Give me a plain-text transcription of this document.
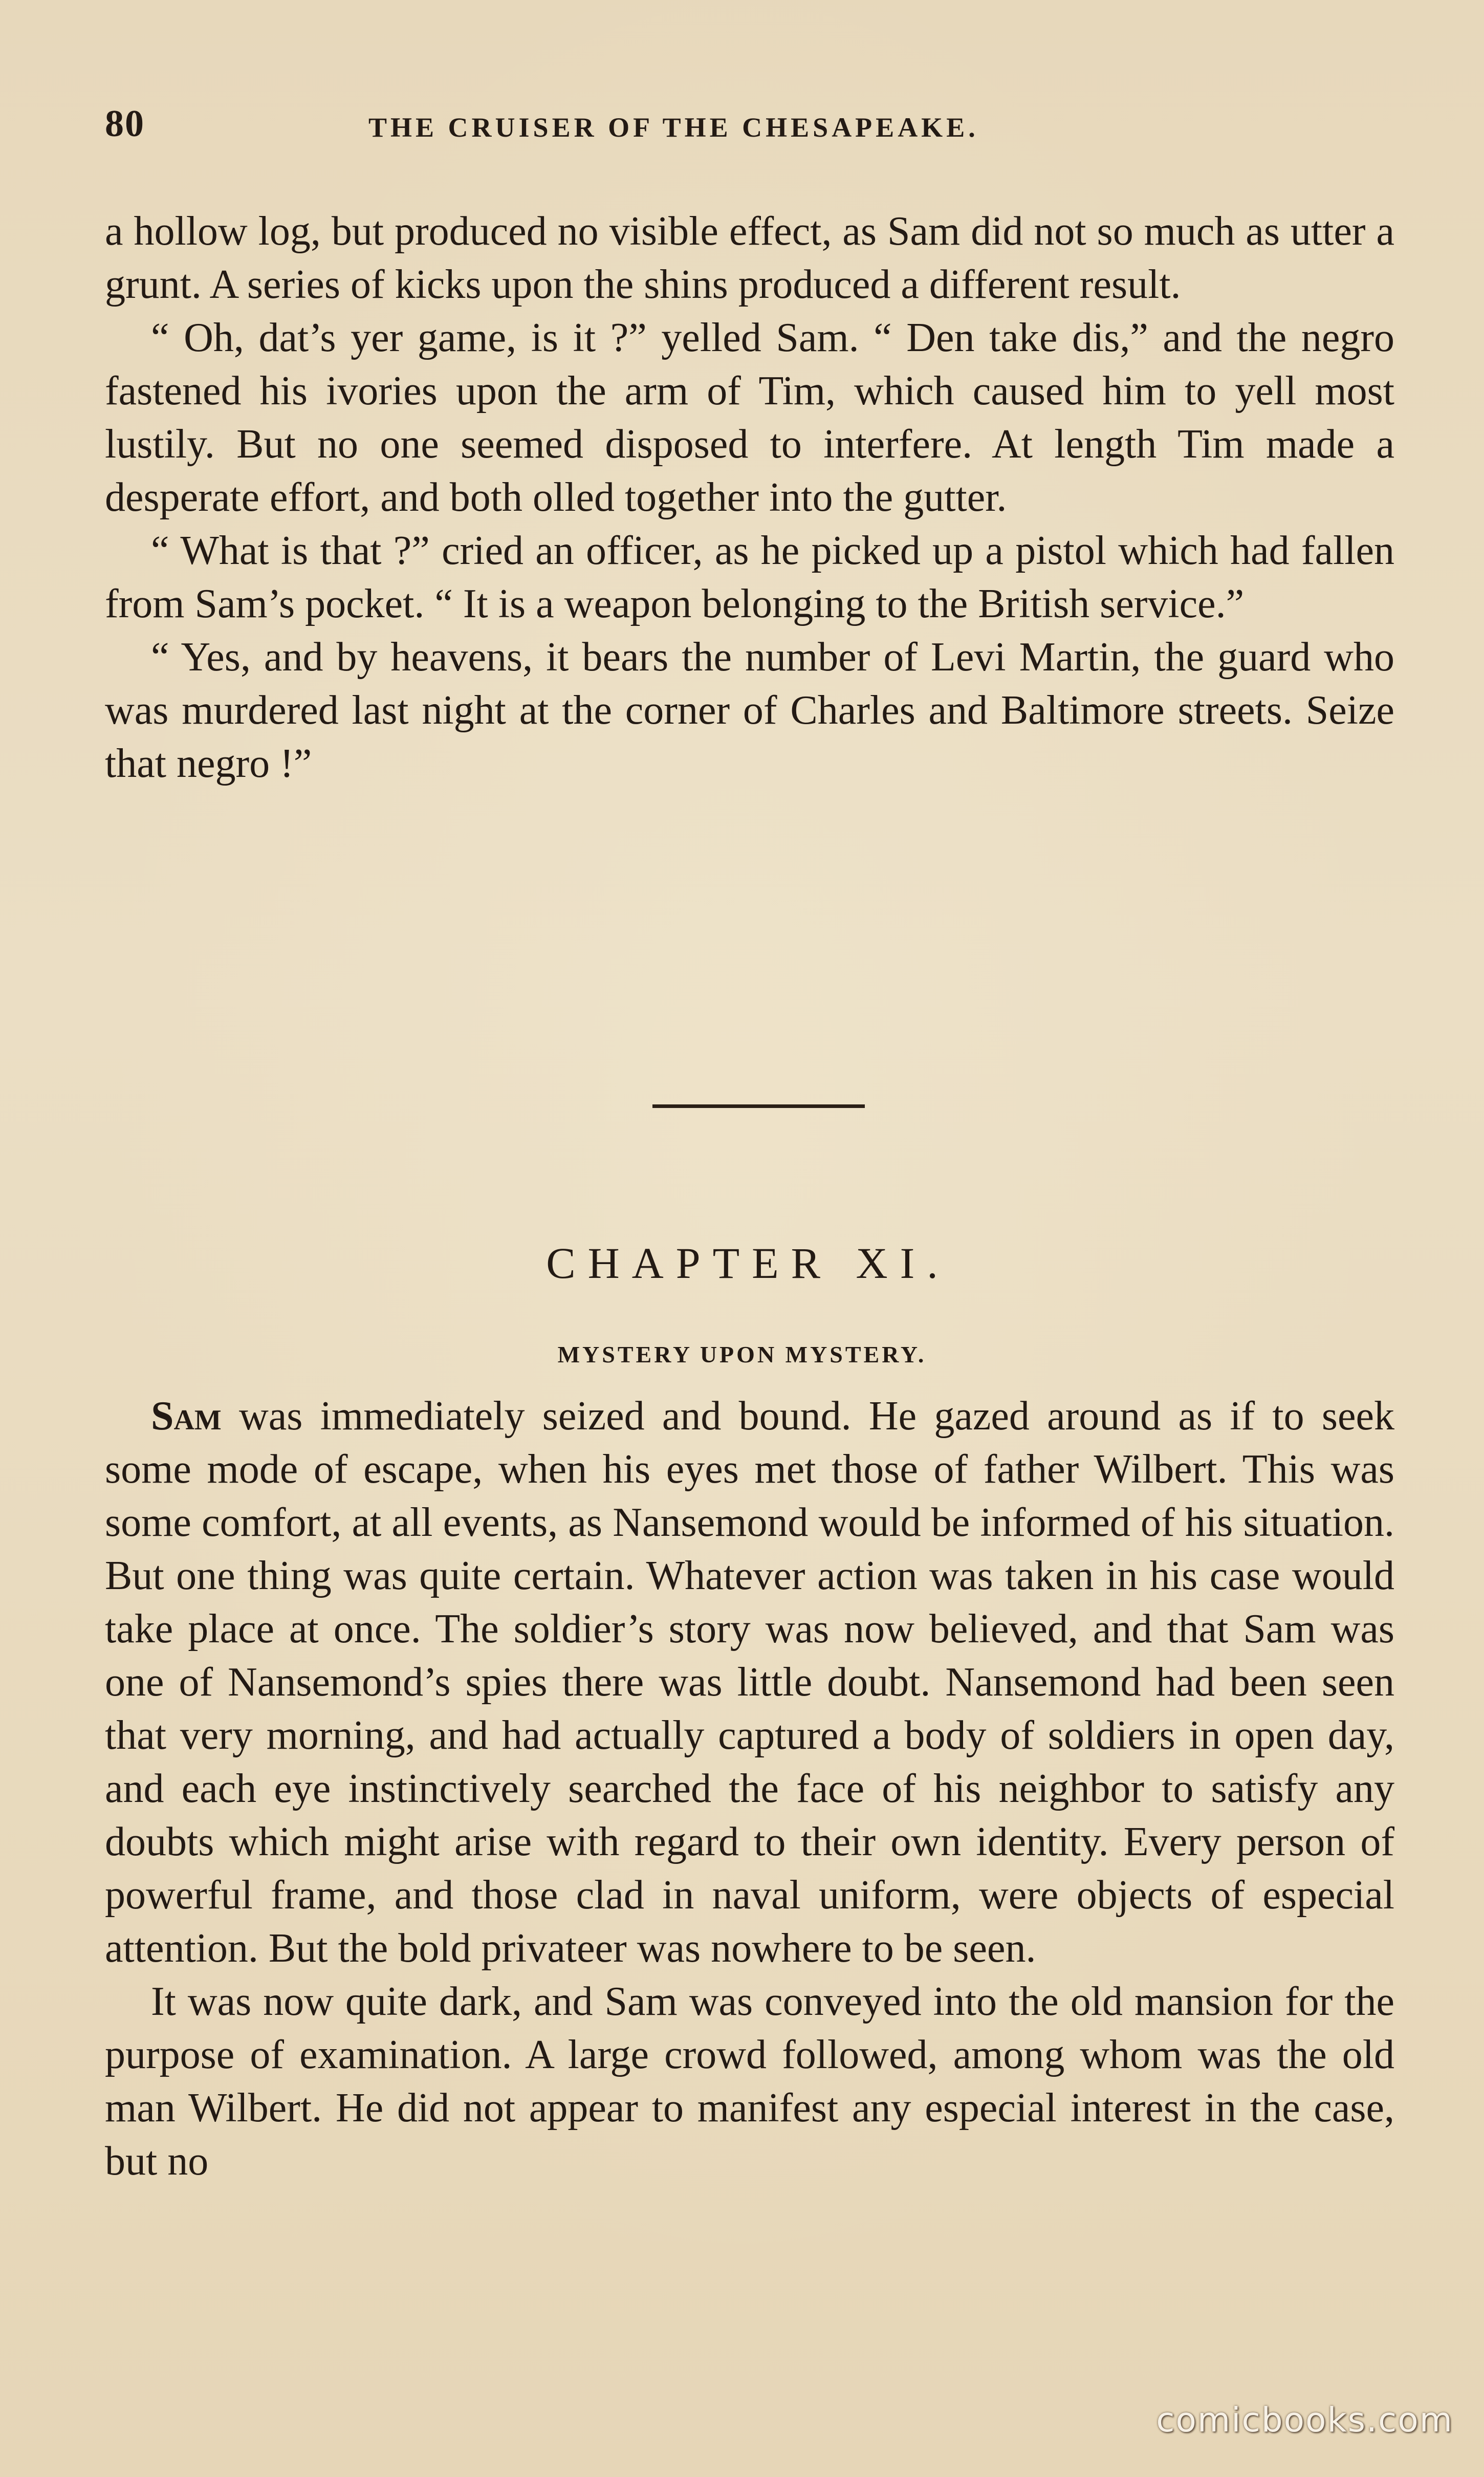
80	THE CRUISER OF THE CHESAPEAKE.

a hollow log, but produced no visible effect, as Sam did not so much as utter a grunt. A series of kicks upon the shins produced a different result.

“ Oh, dat’s yer game, is it ?” yelled Sam. “ Den take dis,” and the negro fastened his ivories upon the arm of Tim, which caused him to yell most lustily. But no one seemed disposed to interfere. At length Tim made a desperate effort, and both olled together into the gutter.

“ What is that ?” cried an officer, as he picked up a pistol which had fallen from Sam’s pocket. “ It is a weapon belonging to the British service.”

“ Yes, and by heavens, it bears the number of Levi Martin, the guard who was murdered last night at the corner of Charles and Baltimore streets. Seize that negro !”

CHAPTER XI.
MYSTERY UPON MYSTERY.

Sam was immediately seized and bound. He gazed around as if to seek some mode of escape, when his eyes met those of father Wilbert. This was some comfort, at all events, as Nansemond would be informed of his situation. But one thing was quite certain. Whatever action was taken in his case would take place at once. The soldier’s story was now believed, and that Sam was one of Nansemond’s spies there was little doubt. Nansemond had been seen that very morning, and had actually captured a body of soldiers in open day, and each eye instinctively searched the face of his neighbor to satisfy any doubts which might arise with regard to their own identity. Every person of powerful frame, and those clad in naval uniform, were objects of especial attention. But the bold privateer was nowhere to be seen.

It was now quite dark, and Sam was conveyed into the old mansion for the purpose of examination. A large crowd followed, among whom was the old man Wilbert. He did not appear to manifest any especial interest in the case, but no

comicbooks.com
